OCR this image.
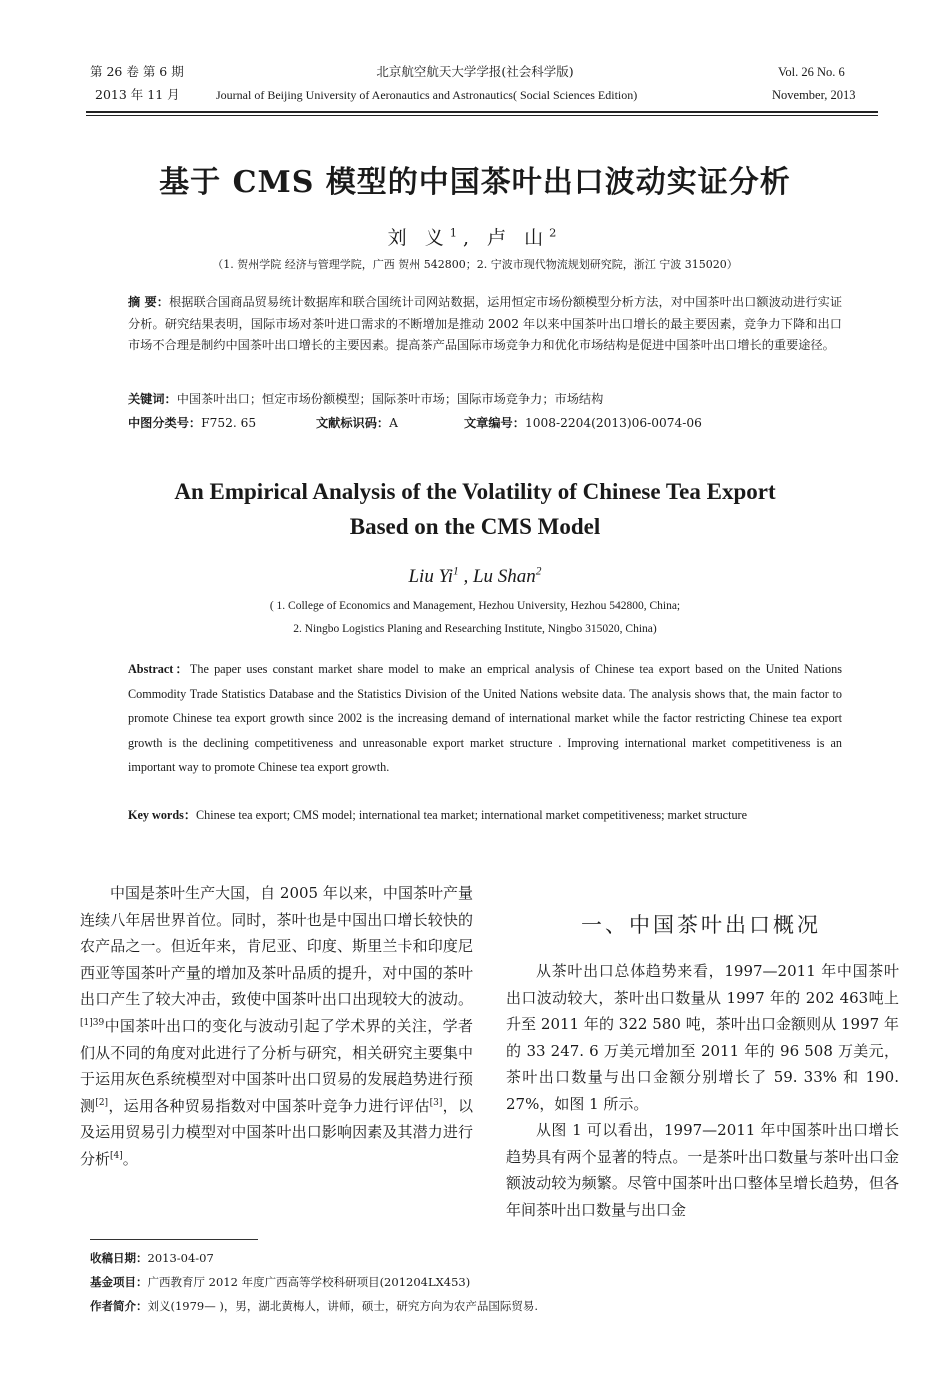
第 26 卷 第 6 期
2013 年 11 月
北京航空航天大学学报(社会科学版)
Journal of Beijing University of Aeronautics and Astronautics( Social Sciences Edition)
Vol. 26 No. 6
November, 2013
基于 CMS 模型的中国茶叶出口波动实证分析
刘 义$^1$, 卢 山$^2$
（1. 贺州学院 经济与管理学院，广西 贺州 542800；2. 宁波市现代物流规划研究院，浙江 宁波 315020）
摘 要：根据联合国商品贸易统计数据库和联合国统计司网站数据，运用恒定市场份额模型分析方法，对中国茶叶出口额波动进行实证分析。研究结果表明，国际市场对茶叶进口需求的不断增加是推动 2002 年以来中国茶叶出口增长的最主要因素，竞争力下降和出口市场不合理是制约中国茶叶出口增长的主要因素。提高茶产品国际市场竞争力和优化市场结构是促进中国茶叶出口增长的重要途径。
关键词：中国茶叶出口；恒定市场份额模型；国际茶叶市场；国际市场竞争力；市场结构
中图分类号：F752. 65	文献标识码：A	文章编号：1008-2204(2013)06-0074-06
An Empirical Analysis of the Volatility of Chinese Tea Export
Based on the CMS Model
Liu Yi$^1$ , Lu Shan$^2$
( 1. College of Economics and Management, Hezhou University, Hezhou 542800, China;
2. Ningbo Logistics Planing and Researching Institute, Ningbo 315020, China)
Abstract：The paper uses constant market share model to make an emprical analysis of Chinese tea export based on the United Nations Commodity Trade Statistics Database and the Statistics Division of the United Nations website data. The analysis shows that, the main factor to promote Chinese tea export growth since 2002 is the increasing demand of international market while the factor restricting Chinese tea export growth is the declining competitiveness and unreasonable export market structure . Improving international market competitiveness is an important way to promote Chinese tea export growth.
Key words：Chinese tea export; CMS model; international tea market; international market competitiveness; market structure
中国是茶叶生产大国，自 2005 年以来，中国茶叶产量连续八年居世界首位。同时，茶叶也是中国出口增长较快的农产品之一。但近年来，肯尼亚、印度、斯里兰卡和印度尼西亚等国茶叶产量的增加及茶叶品质的提升，对中国的茶叶出口产生了较大冲击，致使中国茶叶出口出现较大的波动。$^{[1]39}$中国茶叶出口的变化与波动引起了学术界的关注，学者们从不同的角度对此进行了分析与研究，相关研究主要集中于运用灰色系统模型对中国茶叶出口贸易的发展趋势进行预测[2]，运用各种贸易指数对中国茶叶竞争力进行评估[3]，以及运用贸易引力模型对中国茶叶出口影响因素及其潜力进行分析[4]。
一、中国茶叶出口概况
从茶叶出口总体趋势来看，1997—2011 年中国茶叶出口波动较大，茶叶出口数量从 1997 年的 202 463吨上升至 2011 年的 322 580 吨，茶叶出口金额则从 1997 年的 33 247. 6 万美元增加至 2011 年的 96 508 万美元，茶叶出口数量与出口金额分别增长了 59. 33% 和 190. 27%，如图 1 所示。
从图 1 可以看出，1997—2011 年中国茶叶出口增长趋势具有两个显著的特点。一是茶叶出口数量与茶叶出口金额波动较为频繁。尽管中国茶叶出口整体呈增长趋势，但各年间茶叶出口数量与出口金
收稿日期：2013-04-07
基金项目：广西教育厅 2012 年度广西高等学校科研项目(201204LX453)
作者简介：刘义(1979— )，男，湖北黄梅人，讲师，硕士，研究方向为农产品国际贸易.
